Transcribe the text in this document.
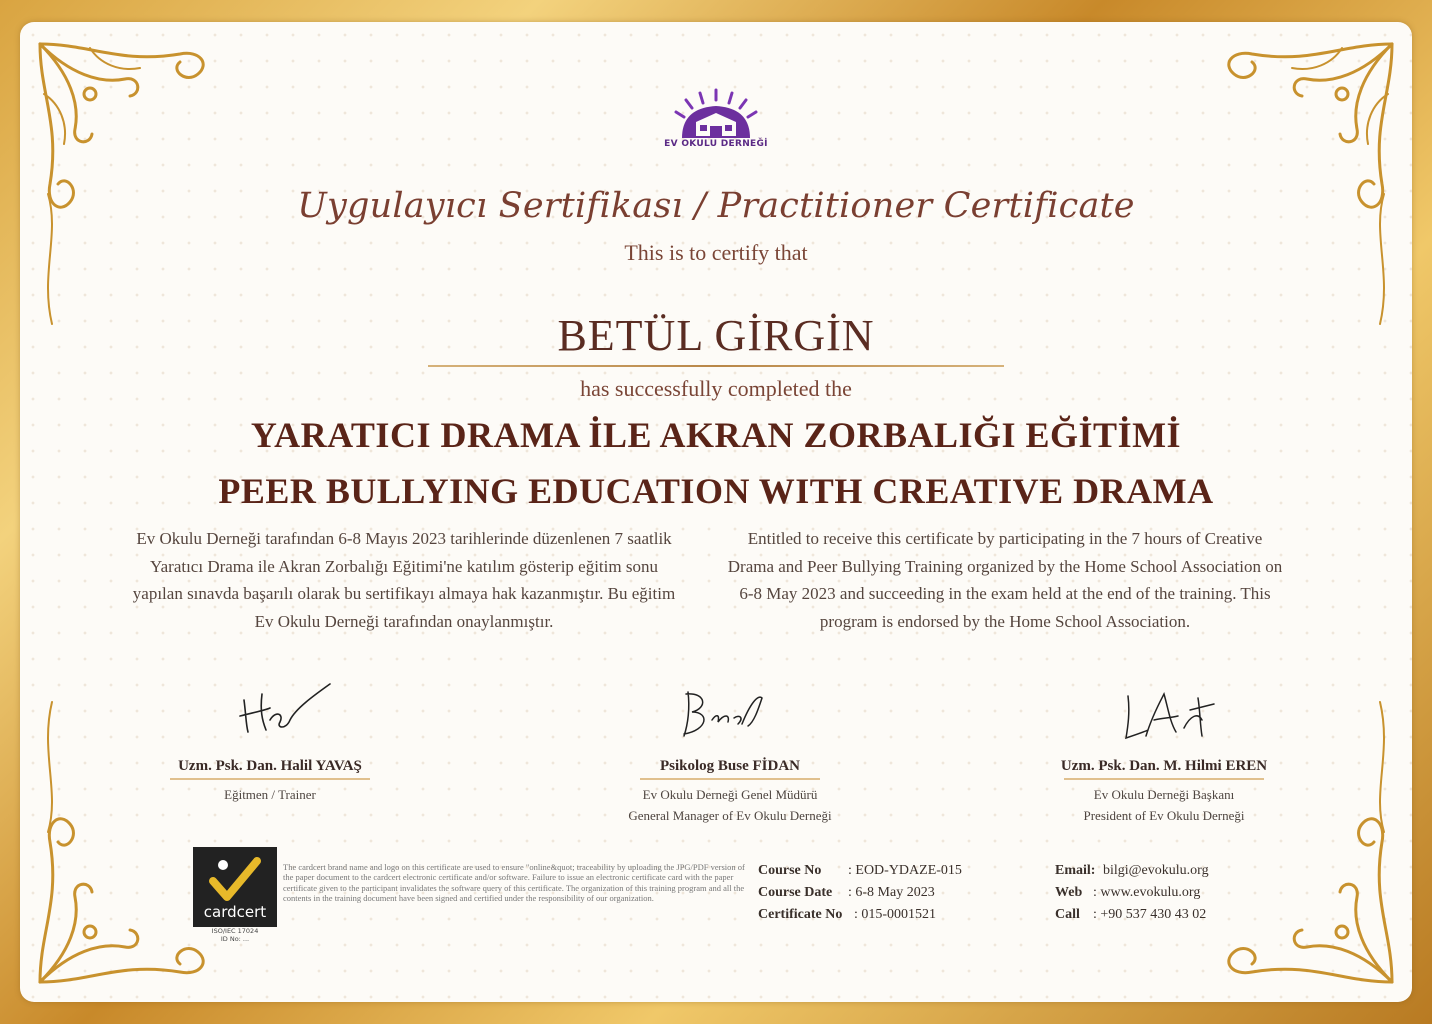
EV OKULU DERNEĞİ
Uygulayıcı Sertifikası / Practitioner Certificate
This is to certify that
BETÜL GİRGİN
has successfully completed the
YARATICI DRAMA İLE AKRAN ZORBALIĞI EĞİTİMİ
PEER BULLYING EDUCATION WITH CREATIVE DRAMA
Ev Okulu Derneği tarafından 6-8 Mayıs 2023 tarihlerinde düzenlenen 7 saatlik Yaratıcı Drama ile Akran Zorbalığı Eğitimi'ne katılım gösterip eğitim sonu yapılan sınavda başarılı olarak bu sertifikayı almaya hak kazanmıştır. Bu eğitim Ev Okulu Derneği tarafından onaylanmıştır.
Entitled to receive this certificate by participating in the 7 hours of Creative Drama and Peer Bullying Training organized by the Home School Association on 6-8 May 2023 and succeeding in the exam held at the end of the training. This program is endorsed by the Home School Association.
Uzm. Psk. Dan. Halil YAVAŞ
Eğitmen / Trainer
Psikolog Buse FİDAN
Ev Okulu Derneği Genel Müdürü
General Manager of Ev Okulu Derneği
Uzm. Psk. Dan. M. Hilmi EREN
Ev Okulu Derneği Başkanı
President of Ev Okulu Derneği
cardcert
ISO/IEC 17024
ID No: ...
The cardcert brand name and logo on this certificate are used to ensure "online&quot; traceability by uploading the JPG/PDF version of the paper document to the cardcert electronic certificate and/or software. Failure to issue an electronic certificate card with the paper certificate given to the participant invalidates the software query of this certificate. The organization of this training program and all the contents in the training document have been signed and certified under the responsibility of our organization.
Course No : EOD-YDAZE-015
Course Date : 6-8 May 2023
Certificate No : 015-0001521
Email: bilgi@evokulu.org
Web : www.evokulu.org
Call : +90 537 430 43 02
